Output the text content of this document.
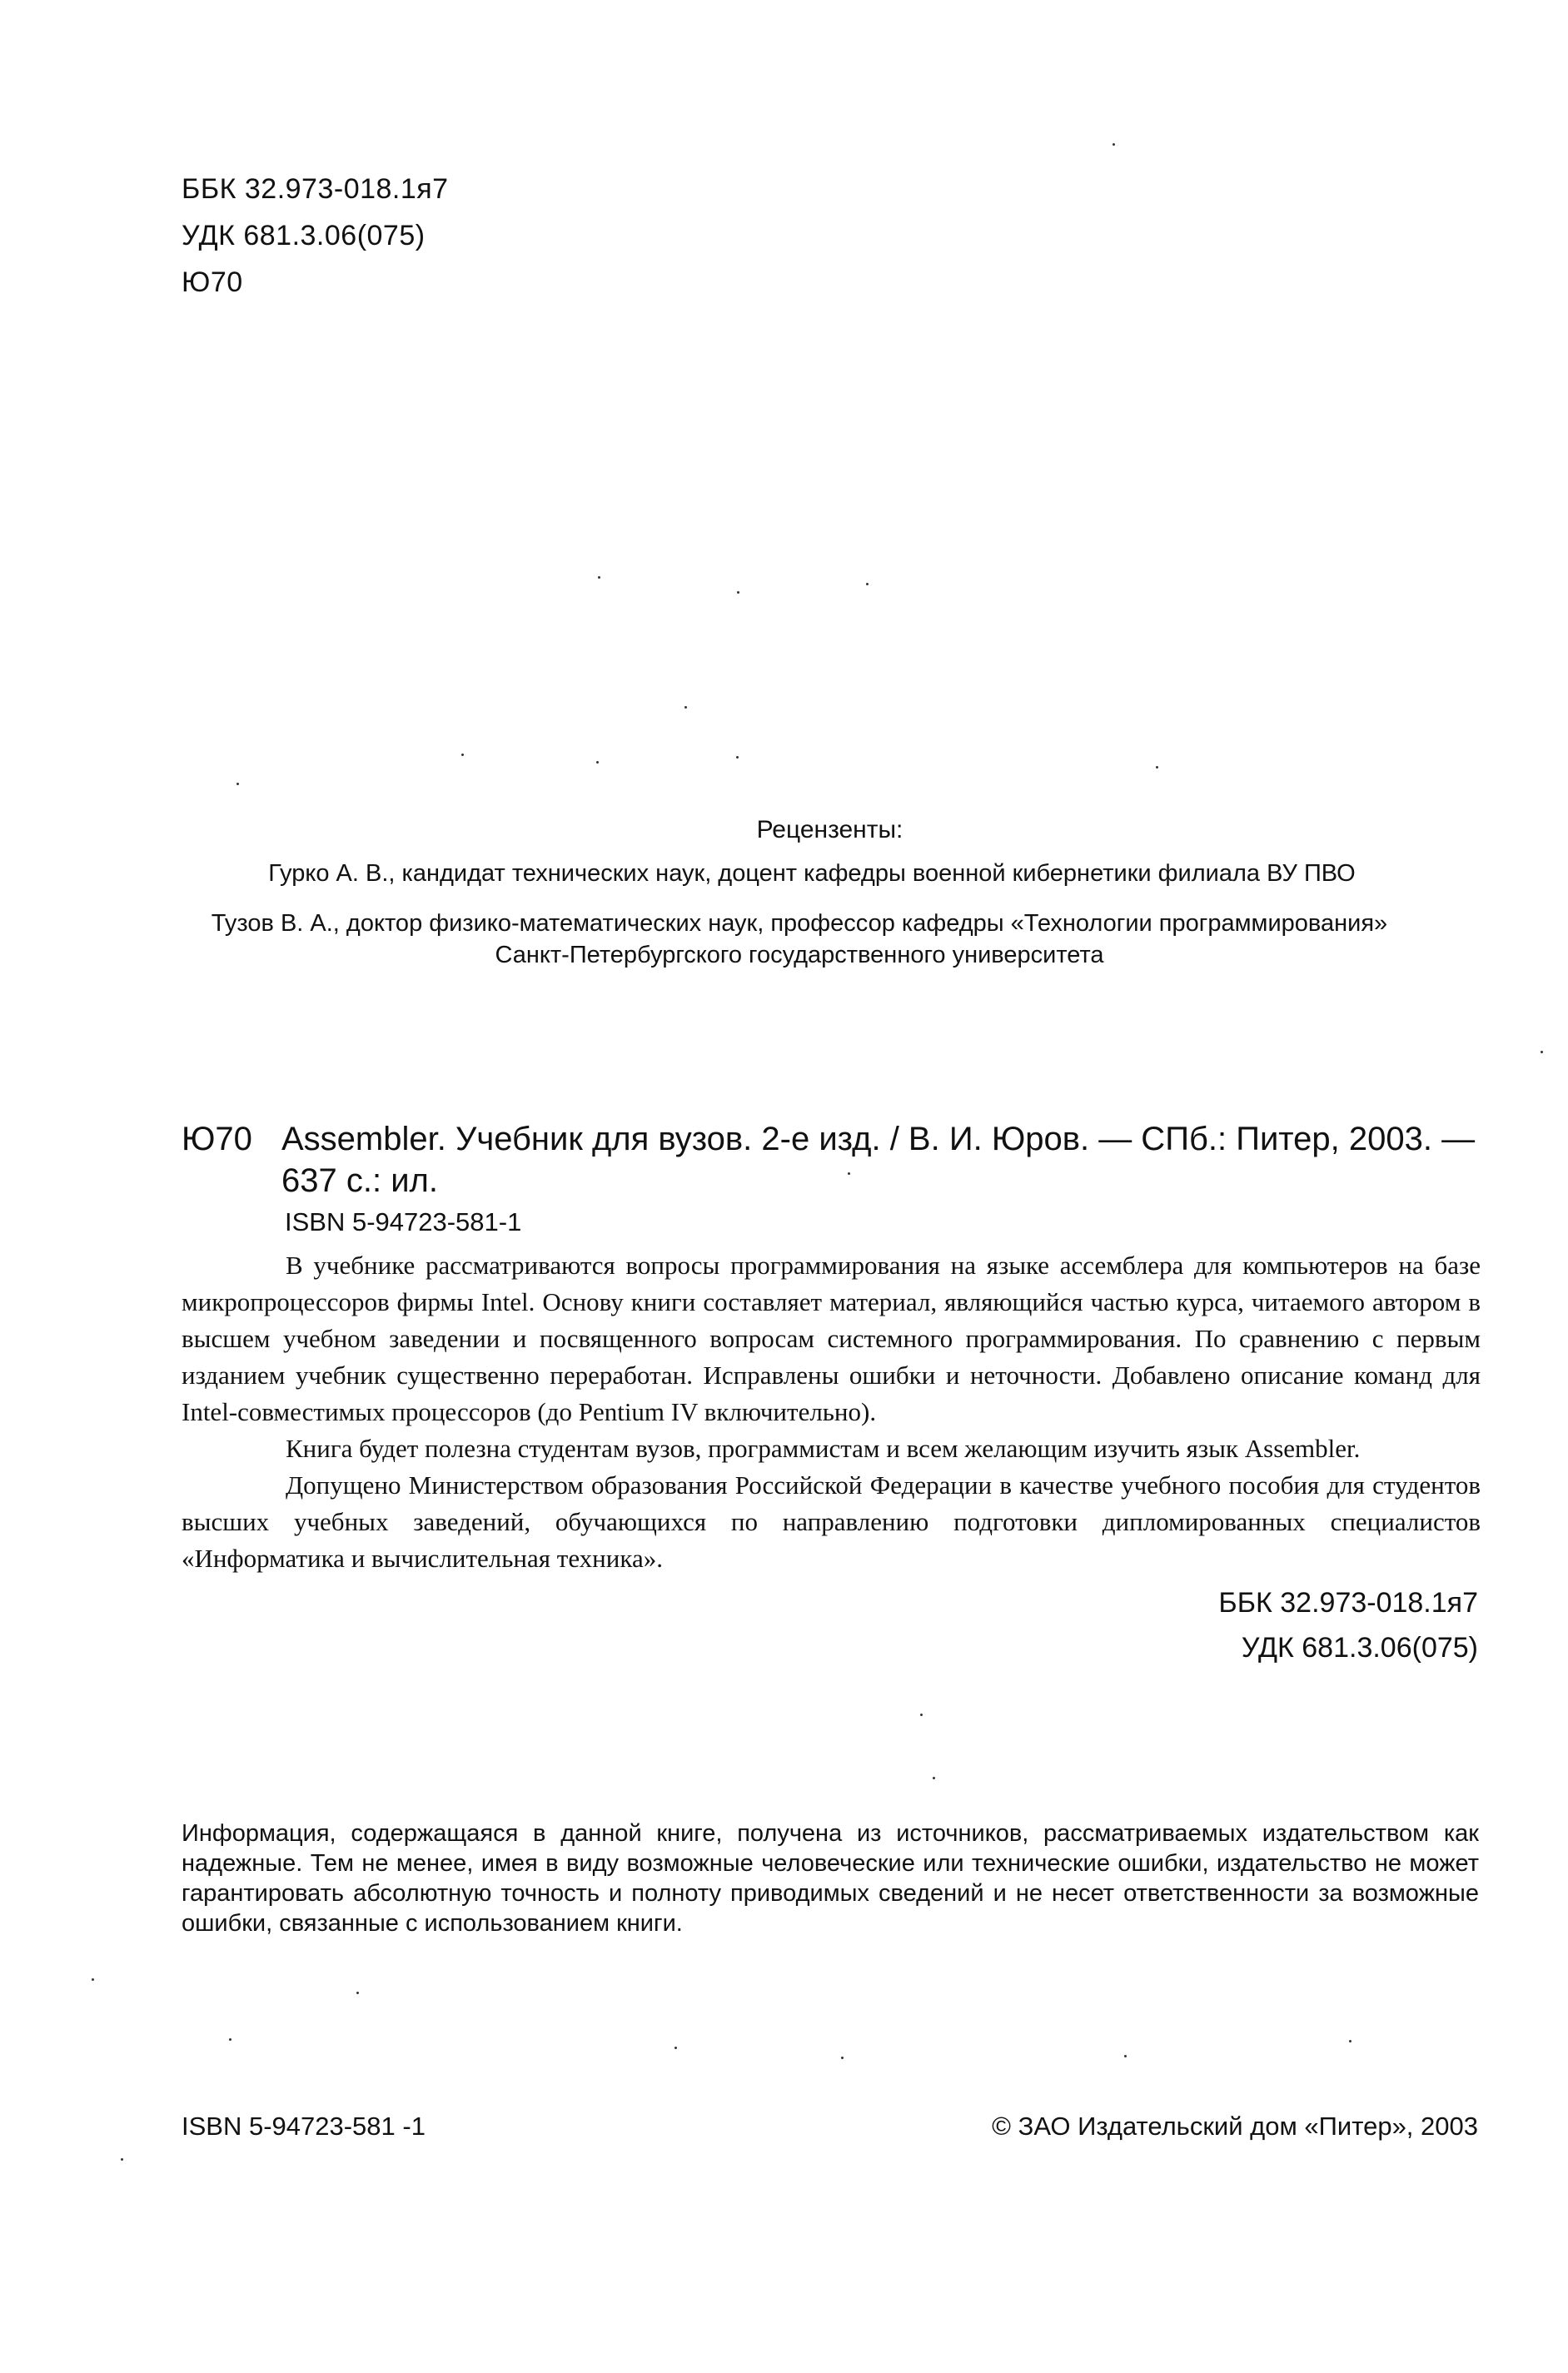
ББК 32.973-018.1я7
УДК 681.3.06(075)
Ю70
Рецензенты:
Гурко А. В., кандидат технических наук, доцент кафедры военной кибернетики филиала ВУ ПВО
Тузов В. А., доктор физико-математических наук, профессор кафедры «Технологии программирования»
Санкт-Петербургского государственного университета
Ю70 Assembler. Учебник для вузов. 2-е изд. / В. И. Юров. — СПб.: Питер, 2003. —
637 с.: ил.
ISBN 5-94723-581-1

В учебнике рассматриваются вопросы программирования на языке ассемблера для компьютеров на базе микропроцессоров фирмы Intel. Основу книги составляет материал, являющийся частью курса, читаемого автором в высшем учебном заведении и посвященного вопросам системного программирования. По сравнению с первым изданием учебник существенно переработан. Исправлены ошибки и неточности. Добавлено описание команд для Intel-совместимых процессоров (до Pentium IV включительно).

Книга будет полезна студентам вузов, программистам и всем желающим изучить язык Assembler.

Допущено Министерством образования Российской Федерации в качестве учебного пособия для студентов высших учебных заведений, обучающихся по направлению подготовки дипломированных специалистов «Информатика и вычислительная техника».

ББК 32.973-018.1я7
УДК 681.3.06(075)
Информация, содержащаяся в данной книге, получена из источников, рассматриваемых издательством как надежные. Тем не менее, имея в виду возможные человеческие или технические ошибки, издательство не может гарантировать абсолютную точность и полноту приводимых сведений и не несет ответственности за возможные ошибки, связанные с использованием книги.
ISBN 5-94723-581 -1	© ЗАО Издательский дом «Питер», 2003
